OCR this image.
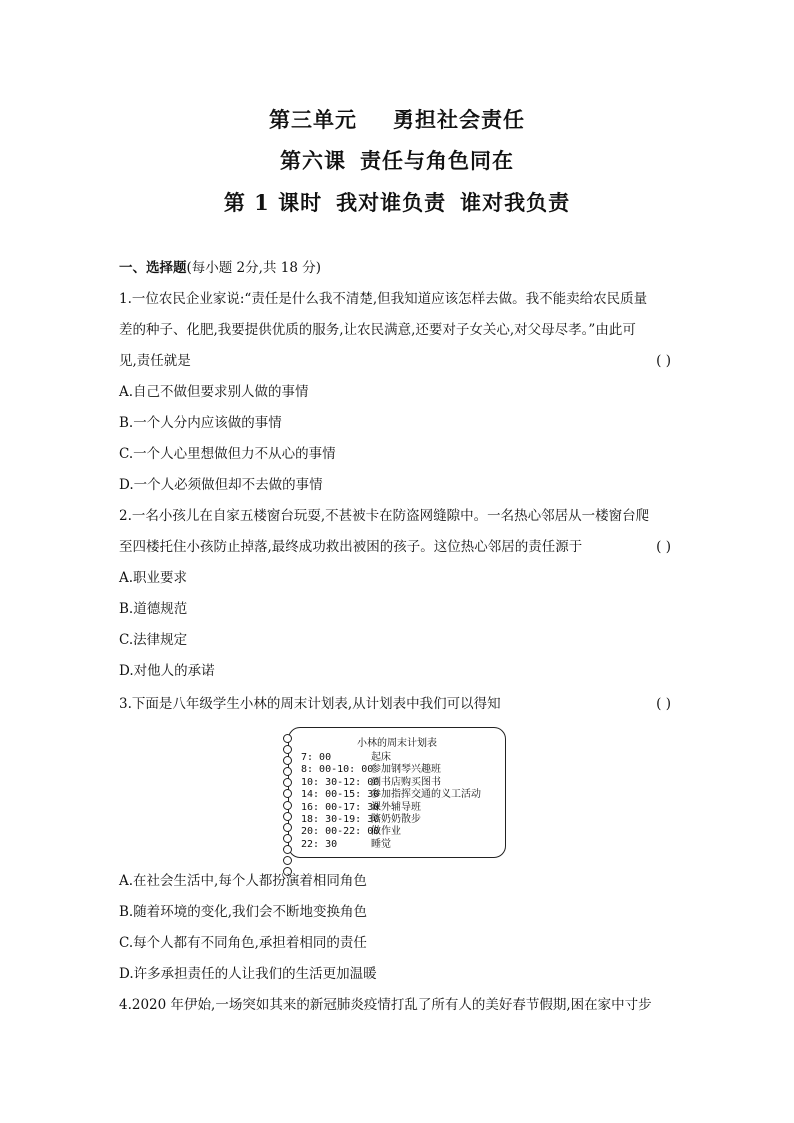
第三单元 勇担社会责任
第六课 责任与角色同在
第 1 课时 我对谁负责 谁对我负责
一、选择题(每小题 2分,共 18 分)
1.一位农民企业家说:“责任是什么我不清楚,但我知道应该怎样去做。我不能卖给农民质量
差的种子、化肥,我要提供优质的服务,让农民满意,还要对子女关心,对父母尽孝。”由此可
见,责任就是	( )
A.自己不做但要求别人做的事情
B.一个人分内应该做的事情
C.一个人心里想做但力不从心的事情
D.一个人必须做但却不去做的事情
2.一名小孩儿在自家五楼窗台玩耍,不甚被卡在防盗网缝隙中。一名热心邻居从一楼窗台爬
至四楼托住小孩防止掉落,最终成功救出被困的孩子。这位热心邻居的责任源于	( )
A.职业要求
B.道德规范
C.法律规定
D.对他人的承诺
3.下面是八年级学生小林的周末计划表,从计划表中我们可以得知	( )
小林的周末计划表
7: 00	起床
8: 00-10: 00参加钢琴兴趣班
10: 30-12: 00到书店购买图书
14: 00-15: 30参加指挥交通的义工活动
16: 00-17: 30课外辅导班
18: 30-19: 30陪奶奶散步
20: 00-22: 00做作业
22: 30	睡觉
A.在社会生活中,每个人都扮演着相同角色
B.随着环境的变化,我们会不断地变换角色
C.每个人都有不同角色,承担着相同的责任
D.许多承担责任的人让我们的生活更加温暖
4.2020 年伊始,一场突如其来的新冠肺炎疫情打乱了所有人的美好春节假期,困在家中寸步
